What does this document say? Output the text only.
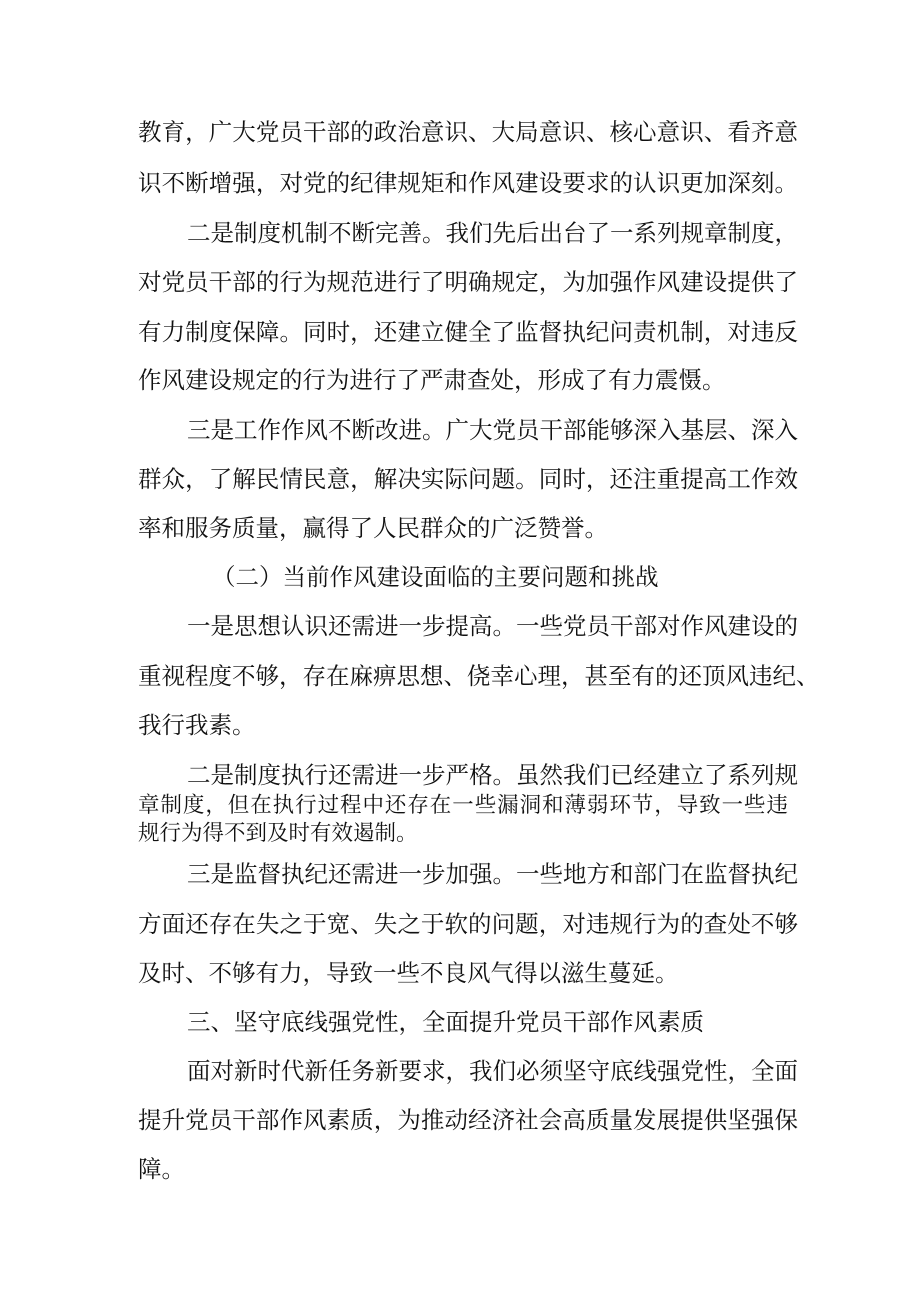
教育，广大党员干部的政治意识、大局意识、核心意识、看齐意
识不断增强，对党的纪律规矩和作风建设要求的认识更加深刻。
二是制度机制不断完善。我们先后出台了一系列规章制度，
对党员干部的行为规范进行了明确规定，为加强作风建设提供了
有力制度保障。同时，还建立健全了监督执纪问责机制，对违反
作风建设规定的行为进行了严肃查处，形成了有力震慑。
三是工作作风不断改进。广大党员干部能够深入基层、深入
群众，了解民情民意，解决实际问题。同时，还注重提高工作效
率和服务质量，赢得了人民群众的广泛赞誉。
（二）当前作风建设面临的主要问题和挑战
一是思想认识还需进一步提高。一些党员干部对作风建设的
重视程度不够，存在麻痹思想、侥幸心理，甚至有的还顶风违纪、
我行我素。
二是制度执行还需进一步严格。虽然我们已经建立了系列规
章制度，但在执行过程中还存在一些漏洞和薄弱环节，导致一些违
规行为得不到及时有效遏制。
三是监督执纪还需进一步加强。一些地方和部门在监督执纪
方面还存在失之于宽、失之于软的问题，对违规行为的查处不够
及时、不够有力，导致一些不良风气得以滋生蔓延。
三、坚守底线强党性，全面提升党员干部作风素质
面对新时代新任务新要求，我们必须坚守底线强党性，全面
提升党员干部作风素质，为推动经济社会高质量发展提供坚强保
障。
